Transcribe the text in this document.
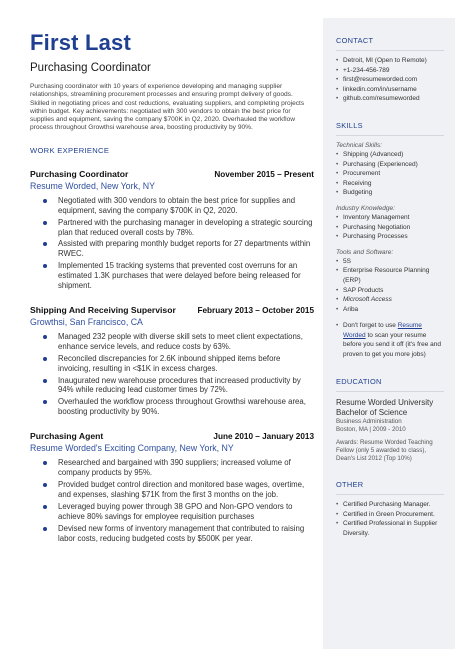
First Last
Purchasing Coordinator

Purchasing coordinator with 10 years of experience developing and managing supplier relationships, streamlining procurement processes and ensuring prompt delivery of goods. Skilled in negotiating prices and cost reductions, evaluating suppliers, and completing projects within budget. Key achievements: negotiated with 300 vendors to obtain the best price for supplies and equipment, saving the company $700K in Q2, 2020. Overhauled the workflow process throughout Growthsi warehouse area, boosting productivity by 90%.

WORK EXPERIENCE
Purchasing Coordinator	November 2015 – Present
Resume Worded, New York, NY
Negotiated with 300 vendors to obtain the best price for supplies and equipment, saving the company $700K in Q2, 2020.
Partnered with the purchasing manager in developing a strategic sourcing plan that reduced overall costs by 78%.
Assisted with preparing monthly budget reports for 27 departments within RWEC.
Implemented 15 tracking systems that prevented cost overruns for an estimated 1.3K purchases that were delayed before being released for shipment.
Shipping And Receiving Supervisor	February 2013 – October 2015
Growthsi, San Francisco, CA
Managed 232 people with diverse skill sets to meet client expectations, enhance service levels, and reduce costs by 63%.
Reconciled discrepancies for 2.6K inbound shipped items before invoicing, resulting in <$1K in excess charges.
Inaugurated new warehouse procedures that increased productivity by 94% while reducing lead customer times by 72%.
Overhauled the workflow process throughout Growthsi warehouse area, boosting productivity by 90%.
Purchasing Agent	June 2010 – January 2013
Resume Worded's Exciting Company, New York, NY
Researched and bargained with 390 suppliers; increased volume of company products by 95%.
Provided budget control direction and monitored base wages, overtime, and expenses, slashing $71K from the first 3 months on the job.
Leveraged buying power through 38 GPO and Non-GPO vendors to achieve 80% savings for employee requisition purchases
Devised new forms of inventory management that contributed to raising labor costs, reducing budgeted costs by $500K per year.
CONTACT
• Detroit, MI (Open to Remote)
• +1-234-456-789
• first@resumeworded.com
• linkedin.com/in/username
• github.com/resumeworded
SKILLS
Technical Skills:
• Shipping (Advanced)
• Purchasing (Experienced)
• Procurement
• Receiving
• Budgeting
Industry Knowledge:
• Inventory Management
• Purchasing Negotiation
• Purchasing Processes
Tools and Software:
• 5S
• Enterprise Resource Planning (ERP)
• SAP Products
• Microsoft Access
• Ariba
• Don't forget to use Resume Worded to scan your resume before you send it off (it's free and proven to get you more jobs)
EDUCATION
Resume Worded University
Bachelor of Science
Business Administration
Boston, MA | 2009 - 2010
Awards: Resume Worded Teaching Fellow (only 5 awarded to class), Dean's List 2012 (Top 10%)
OTHER
• Certified Purchasing Manager.
• Certified in Green Procurement.
• Certified Professional in Supplier Diversity.
